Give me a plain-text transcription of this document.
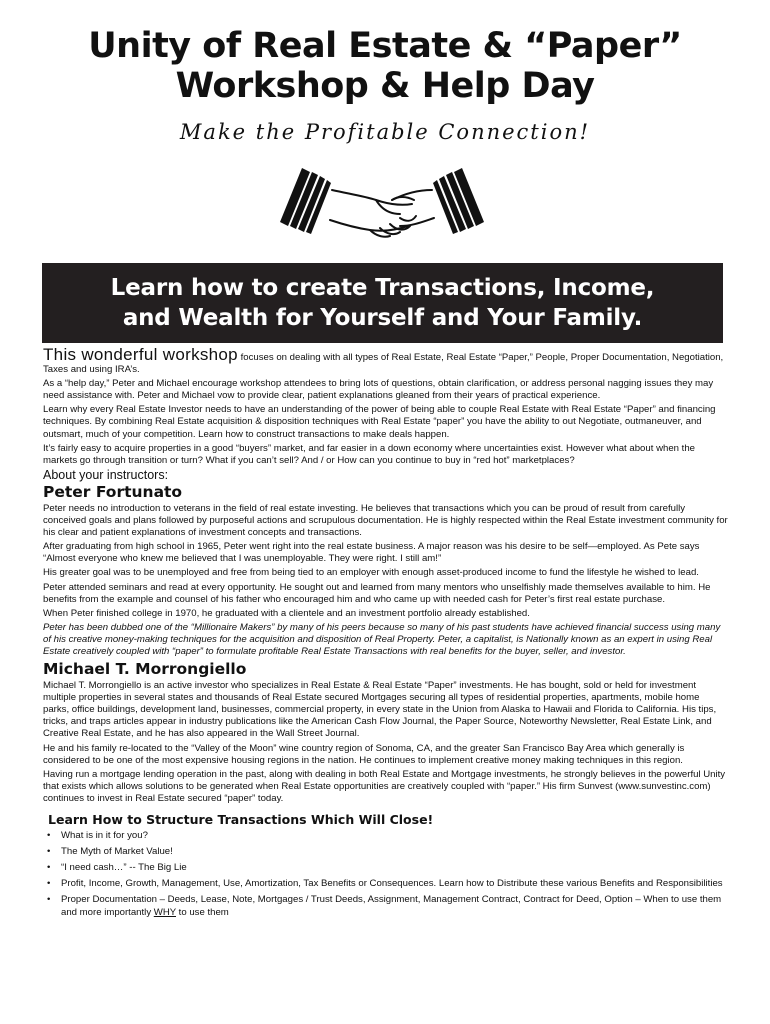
Unity of Real Estate & “Paper”
Workshop & Help Day
Make the Profitable Connection!
Learn how to create Transactions, Income,
and Wealth for Yourself and Your Family.

This wonderful workshop focuses on dealing with all types of Real Estate, Real Estate “Paper,” People, Proper Documentation, Negotiation, Taxes and using IRA’s.

As a “help day,” Peter and Michael encourage workshop attendees to bring lots of questions, obtain clarification, or address personal nagging issues they may need assistance with. Peter and Michael vow to provide clear, patient explanations gleaned from their years of practical experience.

Learn why every Real Estate Investor needs to have an understanding of the power of being able to couple Real Estate with Real Estate “Paper” and financing techniques. By combining Real Estate acquisition & disposition techniques with Real Estate “paper” you have the ability to out Negotiate, outmaneuver, and outsmart, much of your competition. Learn how to construct transactions to make deals happen.

It’s fairly easy to acquire properties in a good “buyers” market, and far easier in a down economy where uncertainties exist. However what about when the markets go through transition or turn? What if you can’t sell? And / or How can you continue to buy in “red hot” marketplaces?

About your instructors:

Peter Fortunato

Peter needs no introduction to veterans in the field of real estate investing. He believes that transactions which you can be proud of result from carefully conceived goals and plans followed by purposeful actions and scrupulous documentation. He is highly respected within the Real Estate investment community for his clear and patient explanations of investment concepts and transactions.

After graduating from high school in 1965, Peter went right into the real estate business. A major reason was his desire to be self—employed. As Pete says “Almost everyone who knew me believed that I was unemployable. They were right. I still am!”

His greater goal was to be unemployed and free from being tied to an employer with enough asset-produced income to fund the lifestyle he wished to lead.

Peter attended seminars and read at every opportunity. He sought out and learned from many mentors who unselfishly made themselves available to him. He benefits from the example and counsel of his father who encouraged him and who came up with needed cash for Peter’s first real estate purchase.

When Peter finished college in 1970, he graduated with a clientele and an investment portfolio already established.

Peter has been dubbed one of the “Millionaire Makers” by many of his peers because so many of his past students have achieved financial success using many of his creative money-making techniques for the acquisition and disposition of Real Property. Peter, a capitalist, is Nationally known as an expert in using Real Estate creatively coupled with “paper” to formulate profitable Real Estate Transactions with real benefits for the buyer, seller, and investor.

Michael T. Morrongiello

Michael T. Morrongiello is an active investor who specializes in Real Estate & Real Estate “Paper” investments. He has bought, sold or held for investment multiple properties in several states and thousands of Real Estate secured Mortgages securing all types of residential properties, apartments, mobile home parks, office buildings, development land, businesses, commercial property, in every state in the Union from Alaska to Hawaii and Florida to California. His tips, tricks, and traps articles appear in industry publications like the American Cash Flow Journal, the Paper Source, Noteworthy Newsletter, Real Estate Link, and Creative Real Estate, and he has also appeared in the Wall Street Journal.

He and his family re-located to the “Valley of the Moon” wine country region of Sonoma, CA, and the greater San Francisco Bay Area which generally is considered to be one of the most expensive housing regions in the nation. He continues to implement creative money making techniques in this region.

Having run a mortgage lending operation in the past, along with dealing in both Real Estate and Mortgage investments, he strongly believes in the powerful Unity that exists which allows solutions to be generated when Real Estate opportunities are creatively coupled with “paper.” His firm Sunvest (www.sunvestinc.com) continues to invest in Real Estate secured “paper” today.

Learn How to Structure Transactions Which Will Close!
• What is in it for you?
• The Myth of Market Value!
• “I need cash…” -- The Big Lie
• Profit, Income, Growth, Management, Use, Amortization, Tax Benefits or Consequences. Learn how to Distribute these various Benefits and Responsibilities
• Proper Documentation – Deeds, Lease, Note, Mortgages / Trust Deeds, Assignment, Management Contract, Contract for Deed, Option – When to use them and more importantly WHY to use them
